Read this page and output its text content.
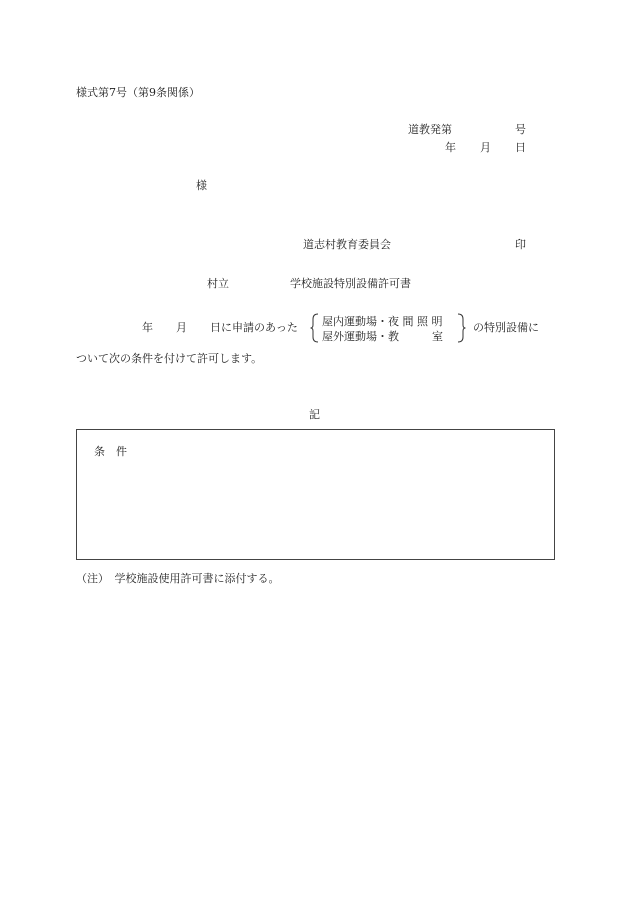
様式第7号（第9条関係）
道教発第	号
年 月 日
様
道志村教育委員会	印
村立	学校施設特別設備許可書
年 月 日に申請のあった 屋内運動場・夜 間 照 明
屋外運動場・教　　　室
の特別設備に
ついて次の条件を付けて許可します。
記
条　件
（注）　学校施設使用許可書に添付する。
